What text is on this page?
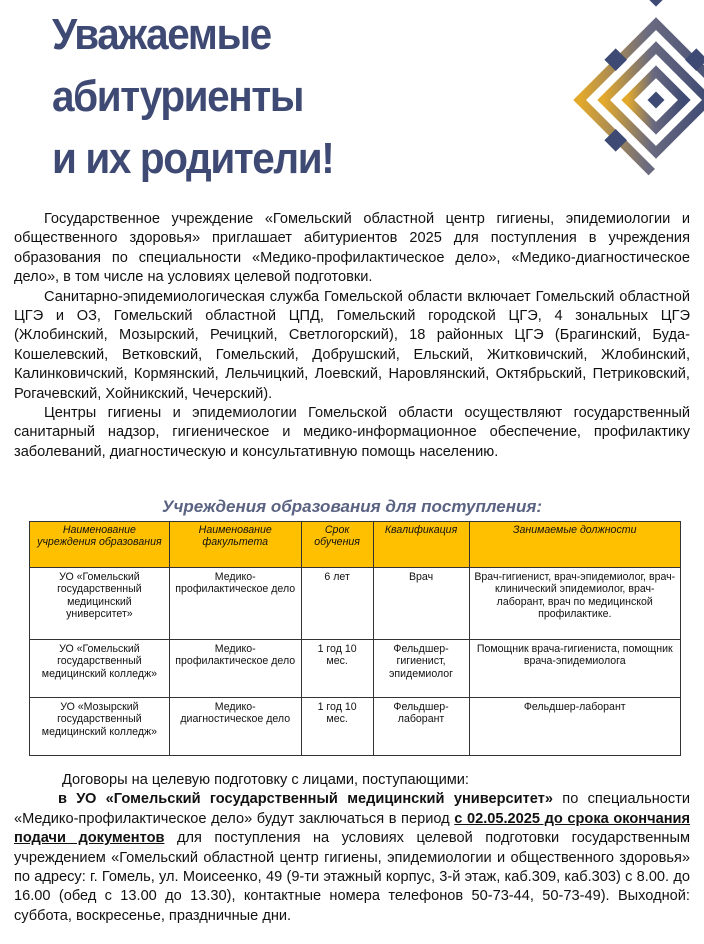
Уважаемые
абитуриенты
и их родители!

Государственное учреждение «Гомельский областной центр гигиены, эпидемиологии и общественного здоровья» приглашает абитуриентов 2025 для поступления в учреждения образования по специальности «Медико-профилактическое дело», «Медико-диагностическое дело», в том числе на условиях целевой подготовки.

Санитарно-эпидемиологическая служба Гомельской области включает Гомельский областной ЦГЭ и ОЗ, Гомельский областной ЦПД, Гомельский городской ЦГЭ, 4 зональных ЦГЭ (Жлобинский, Мозырский, Речицкий, Светлогорский), 18 районных ЦГЭ (Брагинский, Буда-Кошелевский, Ветковский, Гомельский, Добрушский, Ельский, Житковичский, Жлобинский, Калинковичский, Кормянский, Лельчицкий, Лоевский, Наровлянский, Октябрьский, Петриковский, Рогачевский, Хойникский, Чечерский).

Центры гигиены и эпидемиологии Гомельской области осуществляют государственный санитарный надзор, гигиеническое и медико-информационное обеспечение, профилактику заболеваний, диагностическую и консультативную помощь населению.

Учреждения образования для поступления:
Наименование учреждения образования	Наименование факультета	Срок обучения	Квалификация	Занимаемые должности
УО «Гомельский государственный медицинский университет»	Медико-профилактическое дело	6 лет	Врач	Врач-гигиенист, врач-эпидемиолог, врач-клинический эпидемиолог, врач-лаборант, врач по медицинской профилактике.
УО «Гомельский государственный медицинский колледж»	Медико-профилактическое дело	1 год 10 мес.	Фельдшер-гигиенист, эпидемиолог	Помощник врача-гигиениста, помощник врача-эпидемиолога
УО «Мозырский государственный медицинский колледж»	Медико-диагностическое дело	1 год 10 мес.	Фельдшер-лаборант	Фельдшер-лаборант

Договоры на целевую подготовку с лицами, поступающими:

в УО «Гомельский государственный медицинский университет» по специальности «Медико-профилактическое дело» будут заключаться в период с 02.05.2025 до срока окончания подачи документов для поступления на условиях целевой подготовки государственным учреждением «Гомельский областной центр гигиены, эпидемиологии и общественного здоровья» по адресу: г. Гомель, ул. Моисеенко, 49 (9-ти этажный корпус, 3-й этаж, каб.309, каб.303) с 8.00. до 16.00 (обед с 13.00 до 13.30), контактные номера телефонов 50-73-44, 50-73-49). Выходной: суббота, воскресенье, праздничные дни.
